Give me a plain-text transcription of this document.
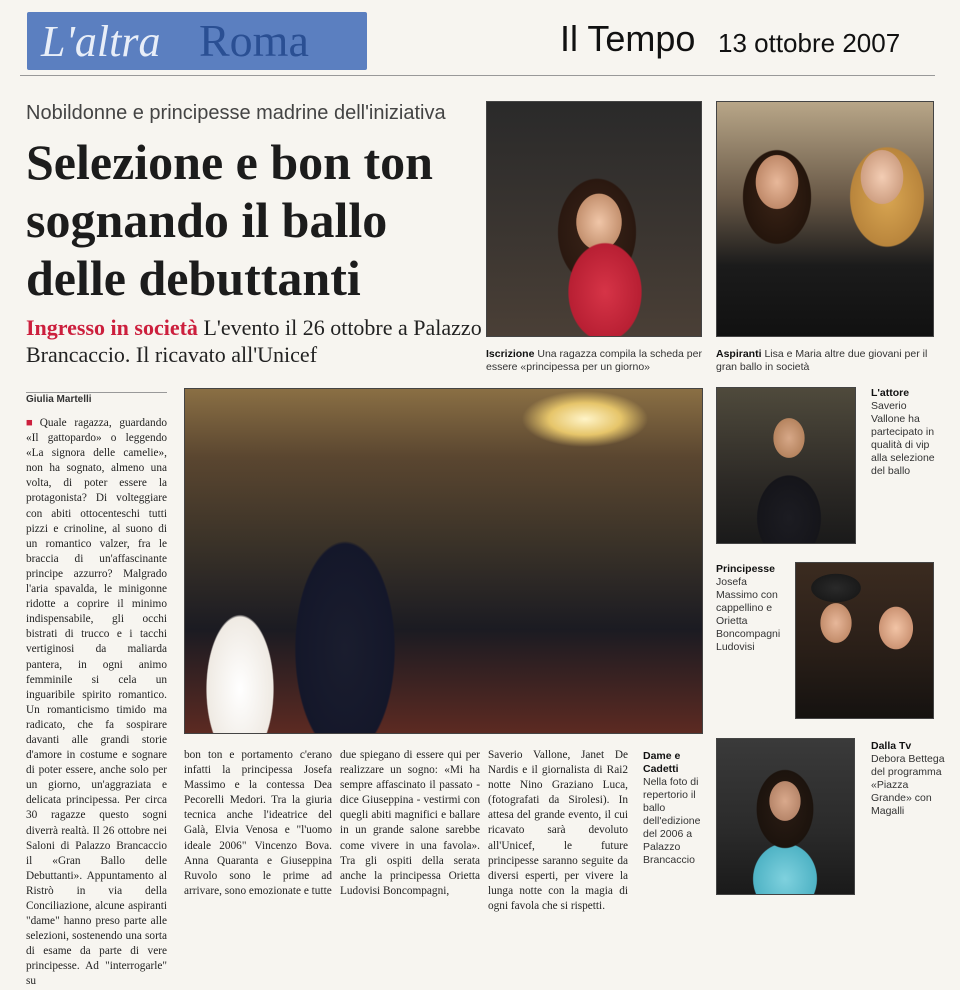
L'altra Roma	Il Tempo 13 ottobre 2007
Nobildonne e principesse madrine dell'iniziativa
Selezione e bon ton sognando il ballo delle debuttanti
Ingresso in società L'evento il 26 ottobre a Palazzo Brancaccio. Il ricavato all'Unicef	Iscrizione Una ragazza compila la scheda per essere «principessa per un giorno»
Aspiranti Lisa e Maria altre due giovani per il gran ballo in società
L'attore
Saverio Vallone ha partecipato in qualità di vip alla selezione del ballo
Principesse
Josefa Massimo con cappellino e Orietta Boncompagni Ludovisi
Dame e Cadetti
Nella foto di repertorio il ballo dell'edizione del 2006 a Palazzo Brancaccio
Dalla Tv
Debora Bettega del programma «Piazza Grande» con Magalli
Giulia Martelli
■ Quale ragazza, guardando «Il gattopardo» o leggendo «La signora delle camelie», non ha sognato, almeno una volta, di poter essere la protagonista? Di volteggiare con abiti ottocenteschi tutti pizzi e crinoline, al suono di un romantico valzer, fra le braccia di un'affascinante principe azzurro? Malgrado l'aria spavalda, le minigonne ridotte a coprire il minimo indispensabile, gli occhi bistrati di trucco e i tacchi vertiginosi da maliarda pantera, in ogni animo femminile si cela un inguaribile spirito romantico. Un romanticismo timido ma radicato, che fa sospirare davanti alle grandi storie d'amore in costume e sognare di poter essere, anche solo per un giorno, un'aggraziata e delicata principessa. Per circa 30 ragazze questo sogni diverrà realtà. Il 26 ottobre nei Saloni di Palazzo Brancaccio il «Gran Ballo delle Debuttanti». Appuntamento al Ristrò in via della Conciliazione, alcune aspiranti "dame" hanno preso parte alle selezioni, sostenendo una sorta di esame da parte di vere principesse. Ad "interrogarle" su
bon ton e portamento c'erano infatti la principessa Josefa Massimo e la contessa Dea Pecorelli Medori. Tra la giuria tecnica anche l'ideatrice del Galà, Elvia Venosa e "l'uomo ideale 2006" Vincenzo Bova. Anna Quaranta e Giuseppina Ruvolo sono le prime ad arrivare, sono emozionate e tutte
due spiegano di essere qui per realizzare un sogno: «Mi ha sempre affascinato il passato - dice Giuseppina - vestirmi con quegli abiti magnifici e ballare in un grande salone sarebbe come vivere in una favola». Tra gli ospiti della serata anche la principessa Orietta Ludovisi Boncompagni,
Saverio Vallone, Janet De Nardis e il giornalista di Rai2 notte Nino Graziano Luca, (fotografati da Sirolesi). In attesa del grande evento, il cui ricavato sarà devoluto all'Unicef, le future principesse saranno seguite da diversi esperti, per vivere la lunga notte con la magia di ogni favola che si rispetti.
